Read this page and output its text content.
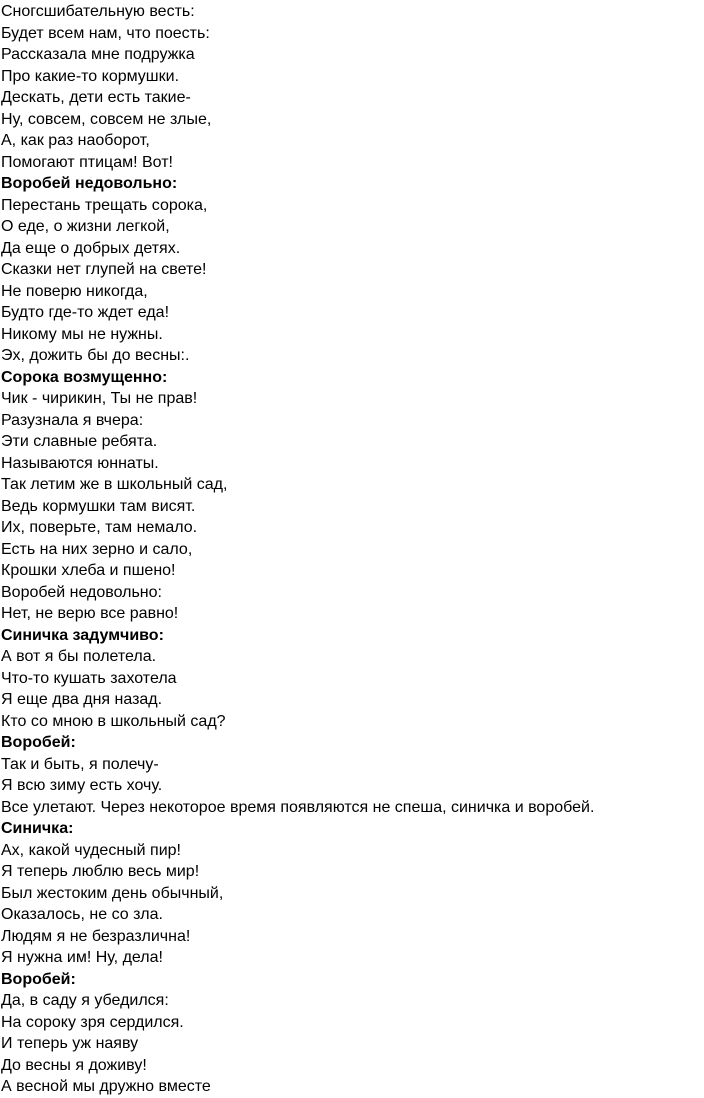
Сногсшибательную весть:
Будет всем нам, что поесть:
Рассказала мне подружка
Про какие-то кормушки.
Дескать, дети есть такие-
Ну, совсем, совсем не злые,
А, как раз наоборот,
Помогают птицам! Вот!
Воробей недовольно:
Перестань трещать сорока,
О еде, о жизни легкой,
Да еще о добрых детях.
Сказки нет глупей на свете!
Не поверю никогда,
Будто где-то ждет еда!
Никому мы не нужны.
Эх, дожить бы до весны:.
Сорока возмущенно:
Чик - чирикин, Ты не прав!
Разузнала я вчера:
Эти славные ребята.
Называются юннаты.
Так летим же в школьный сад,
Ведь кормушки там висят.
Их, поверьте, там немало.
Есть на них зерно и сало,
Крошки хлеба и пшено!
Воробей недовольно:
Нет, не верю все равно!
Синичка задумчиво:
А вот я бы полетела.
Что-то кушать захотела
Я еще два дня назад.
Кто со мною в школьный сад?
Воробей:
Так и быть, я полечу-
Я всю зиму есть хочу.
Все улетают. Через некоторое время появляются не спеша, синичка и воробей.
Синичка:
Ах, какой чудесный пир!
Я теперь люблю весь мир!
Был жестоким день обычный,
Оказалось, не со зла.
Людям я не безразлична!
Я нужна им! Ну, дела!
Воробей:
Да, в саду я убедился:
На сороку зря сердился.
И теперь уж наяву
До весны я доживу!
А весной мы дружно вместе
